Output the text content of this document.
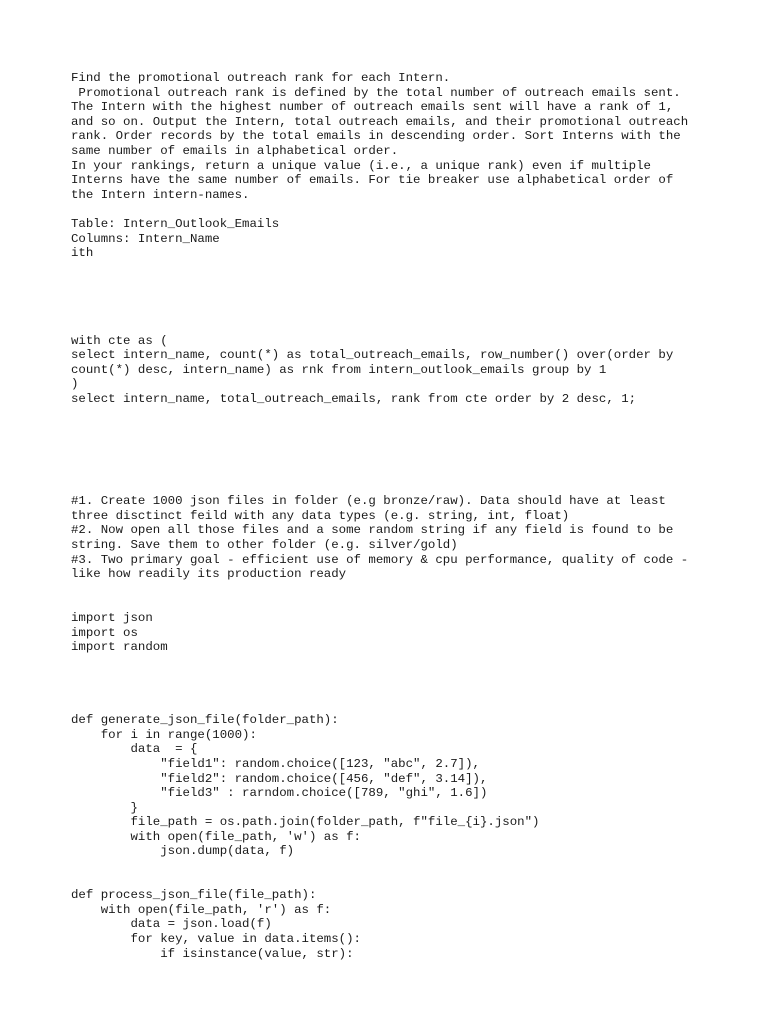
Find the promotional outreach rank for each Intern.
Promotional outreach rank is defined by the total number of outreach emails sent.
The Intern with the highest number of outreach emails sent will have a rank of 1,
and so on. Output the Intern, total outreach emails, and their promotional outreach
rank. Order records by the total emails in descending order. Sort Interns with the
same number of emails in alphabetical order.
In your rankings, return a unique value (i.e., a unique rank) even if multiple
Interns have the same number of emails. For tie breaker use alphabetical order of
the Intern intern-names.
Table: Intern_Outlook_Emails
Columns: Intern_Name
ith
with cte as (
select intern_name, count(*) as total_outreach_emails, row_number() over(order by
count(*) desc, intern_name) as rnk from intern_outlook_emails group by 1
)
select intern_name, total_outreach_emails, rank from cte order by 2 desc, 1;
#1. Create 1000 json files in folder (e.g bronze/raw). Data should have at least
three disctinct feild with any data types (e.g. string, int, float)
#2. Now open all those files and a some random string if any field is found to be
string. Save them to other folder (e.g. silver/gold)
#3. Two primary goal - efficient use of memory & cpu performance, quality of code -
like how readily its production ready
import json
import os
import random
def generate_json_file(folder_path):
for i in range(1000):
data  = {
"field1": random.choice([123, "abc", 2.7]),
"field2": random.choice([456, "def", 3.14]),
"field3" : rarndom.choice([789, "ghi", 1.6])
}
file_path = os.path.join(folder_path, f"file_{i}.json")
with open(file_path, 'w') as f:
json.dump(data, f)
def process_json_file(file_path):
with open(file_path, 'r') as f:
data = json.load(f)
for key, value in data.items():
if isinstance(value, str):
